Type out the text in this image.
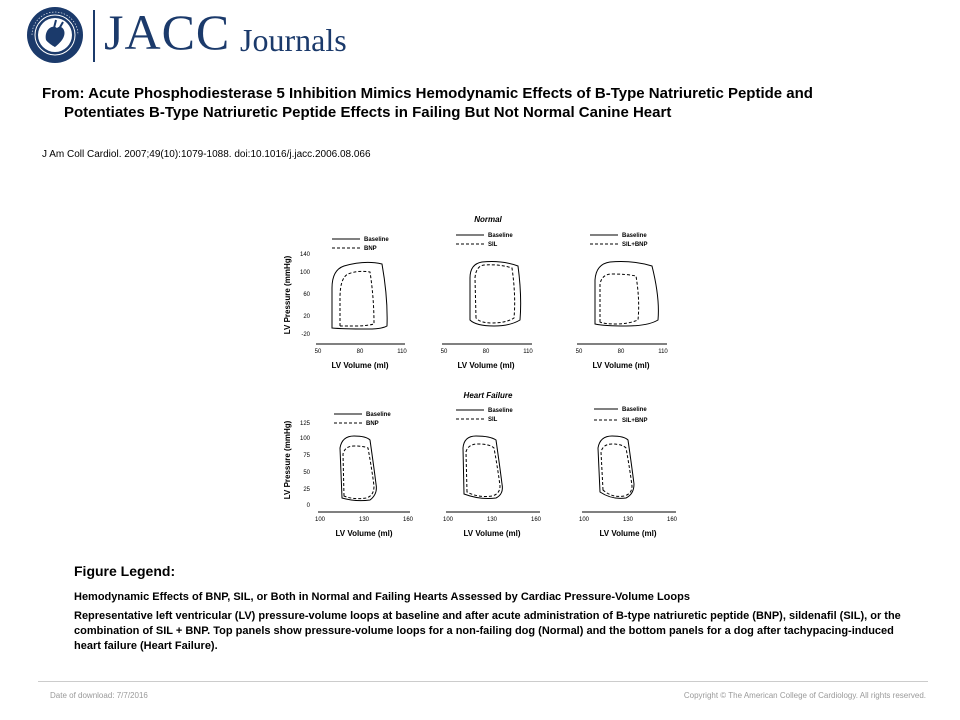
JACC Journals
From: Acute Phosphodiesterase 5 Inhibition Mimics Hemodynamic Effects of B-Type Natriuretic Peptide and
Potentiates B-Type Natriuretic Peptide Effects in Failing But Not Normal Canine Heart
J Am Coll Cardiol. 2007;49(10):1079-1088. doi:10.1016/j.jacc.2006.08.066
Normal
LV Pressure (mmHg)
140
100
60
20
-20
Baseline
BNP
50	80	110
LV Volume (ml)
Baseline
SIL
50	80	110
LV Volume (ml)
Baseline
SIL+BNP
50	80	110
LV Volume (ml)
Heart Failure
LV Pressure (mmHg) 125
100
75
50
25
0
Baseline
BNP
100	130	160
LV Volume (ml)
Baseline
SIL
100	130	160
LV Volume (ml)
Baseline
SIL+BNP
100	130	160
LV Volume (ml)
Figure Legend:
Hemodynamic Effects of BNP, SIL, or Both in Normal and Failing Hearts Assessed by Cardiac Pressure-Volume Loops
Representative left ventricular (LV) pressure-volume loops at baseline and after acute administration of B-type natriuretic peptide (BNP), sildenafil (SIL), or the combination of SIL + BNP. Top panels show pressure-volume loops for a non-failing dog (Normal) and the bottom panels for a dog after tachypacing-induced heart failure (Heart Failure).
Date of download: 7/7/2016	Copyright © The American College of Cardiology. All rights reserved.
